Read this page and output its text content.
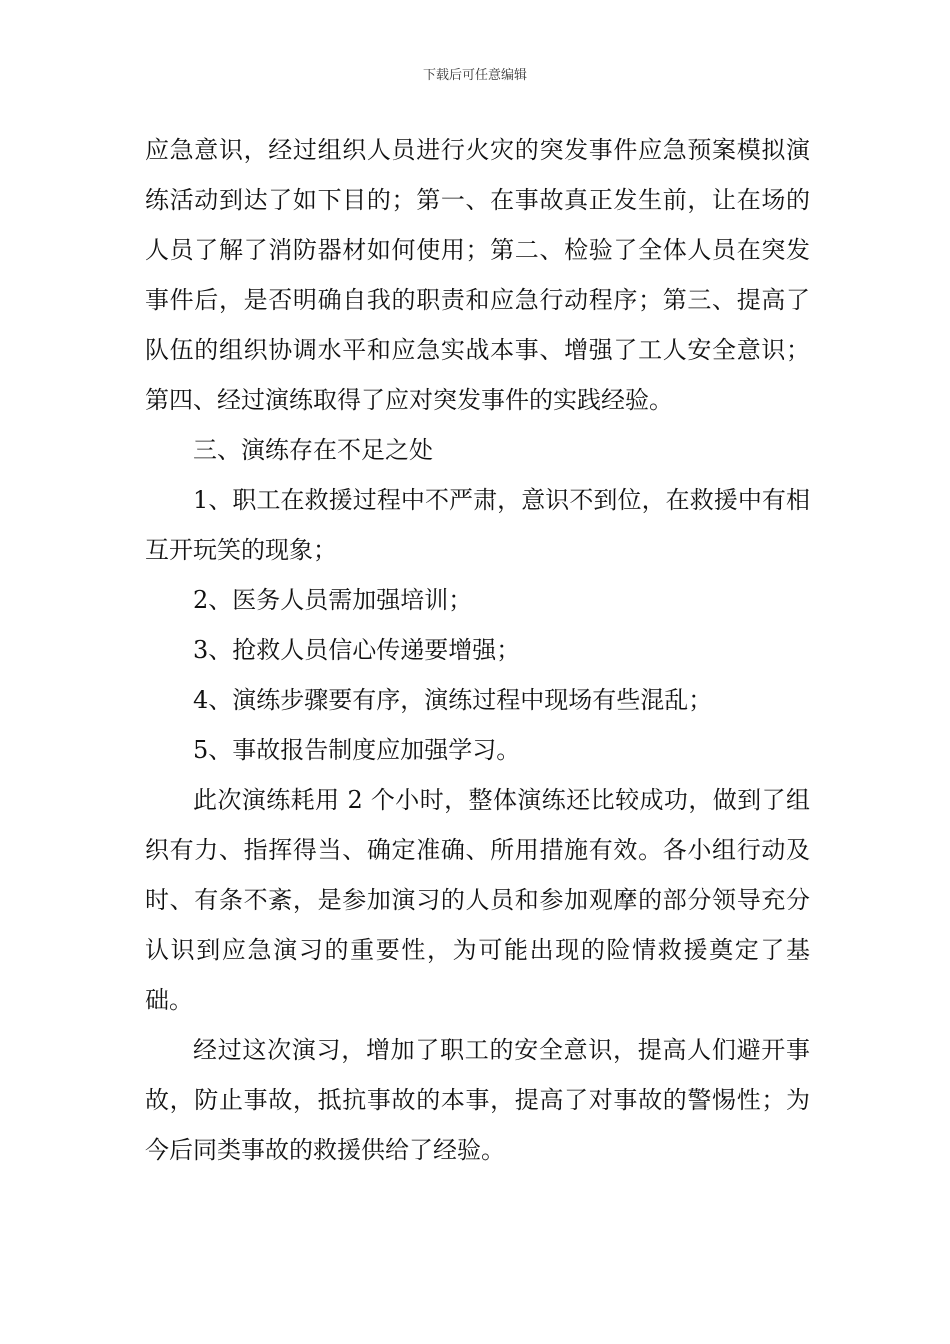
下载后可任意编辑

应急意识，经过组织人员进行火灾的突发事件应急预案模拟演练活动到达了如下目的；第一、在事故真正发生前，让在场的人员了解了消防器材如何使用；第二、检验了全体人员在突发事件后，是否明确自我的职责和应急行动程序；第三、提高了队伍的组织协调水平和应急实战本事、增强了工人安全意识；第四、经过演练取得了应对突发事件的实践经验。

三、演练存在不足之处

1、职工在救援过程中不严肃，意识不到位，在救援中有相互开玩笑的现象；

2、医务人员需加强培训；

3、抢救人员信心传递要增强；

4、演练步骤要有序，演练过程中现场有些混乱；

5、事故报告制度应加强学习。

此次演练耗用 2 个小时，整体演练还比较成功，做到了组织有力、指挥得当、确定准确、所用措施有效。各小组行动及时、有条不紊，是参加演习的人员和参加观摩的部分领导充分认识到应急演习的重要性，为可能出现的险情救援奠定了基础。

经过这次演习，增加了职工的安全意识，提高人们避开事故，防止事故，抵抗事故的本事，提高了对事故的警惕性；为今后同类事故的救援供给了经验。
